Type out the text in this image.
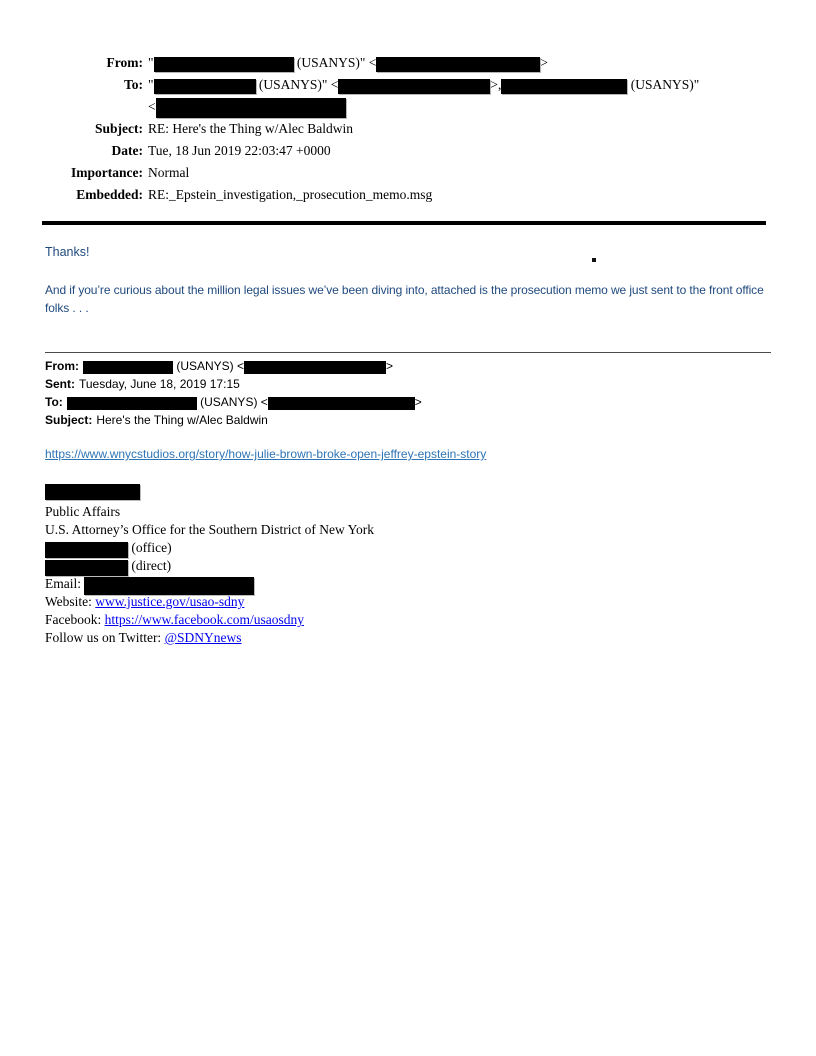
From: "	(USANYS)" <	>
To: "	(USANYS)" <	>,	(USANYS)"
<
Subject: RE: Here's the Thing w/Alec Baldwin
Date: Tue, 18 Jun 2019 22:03:47 +0000
Importance: Normal
Embedded: RE:_Epstein_investigation,_prosecution_memo.msg
Thanks!
And if you’re curious about the million legal issues we’ve been diving into, attached is the prosecution memo we just sent to the front office folks . . .
From:	(USANYS) <	>
Sent: Tuesday, June 18, 2019 17:15
To:	(USANYS) <	>
Subject: Here's the Thing w/Alec Baldwin
https://www.wnycstudios.org/story/how-julie-brown-broke-open-jeffrey-epstein-story
Public Affairs
U.S. Attorney’s Office for the Southern District of New York
(office)
(direct)
Email:
Website: www.justice.gov/usao-sdny
Facebook: https://www.facebook.com/usaosdny
Follow us on Twitter: @SDNYnews
